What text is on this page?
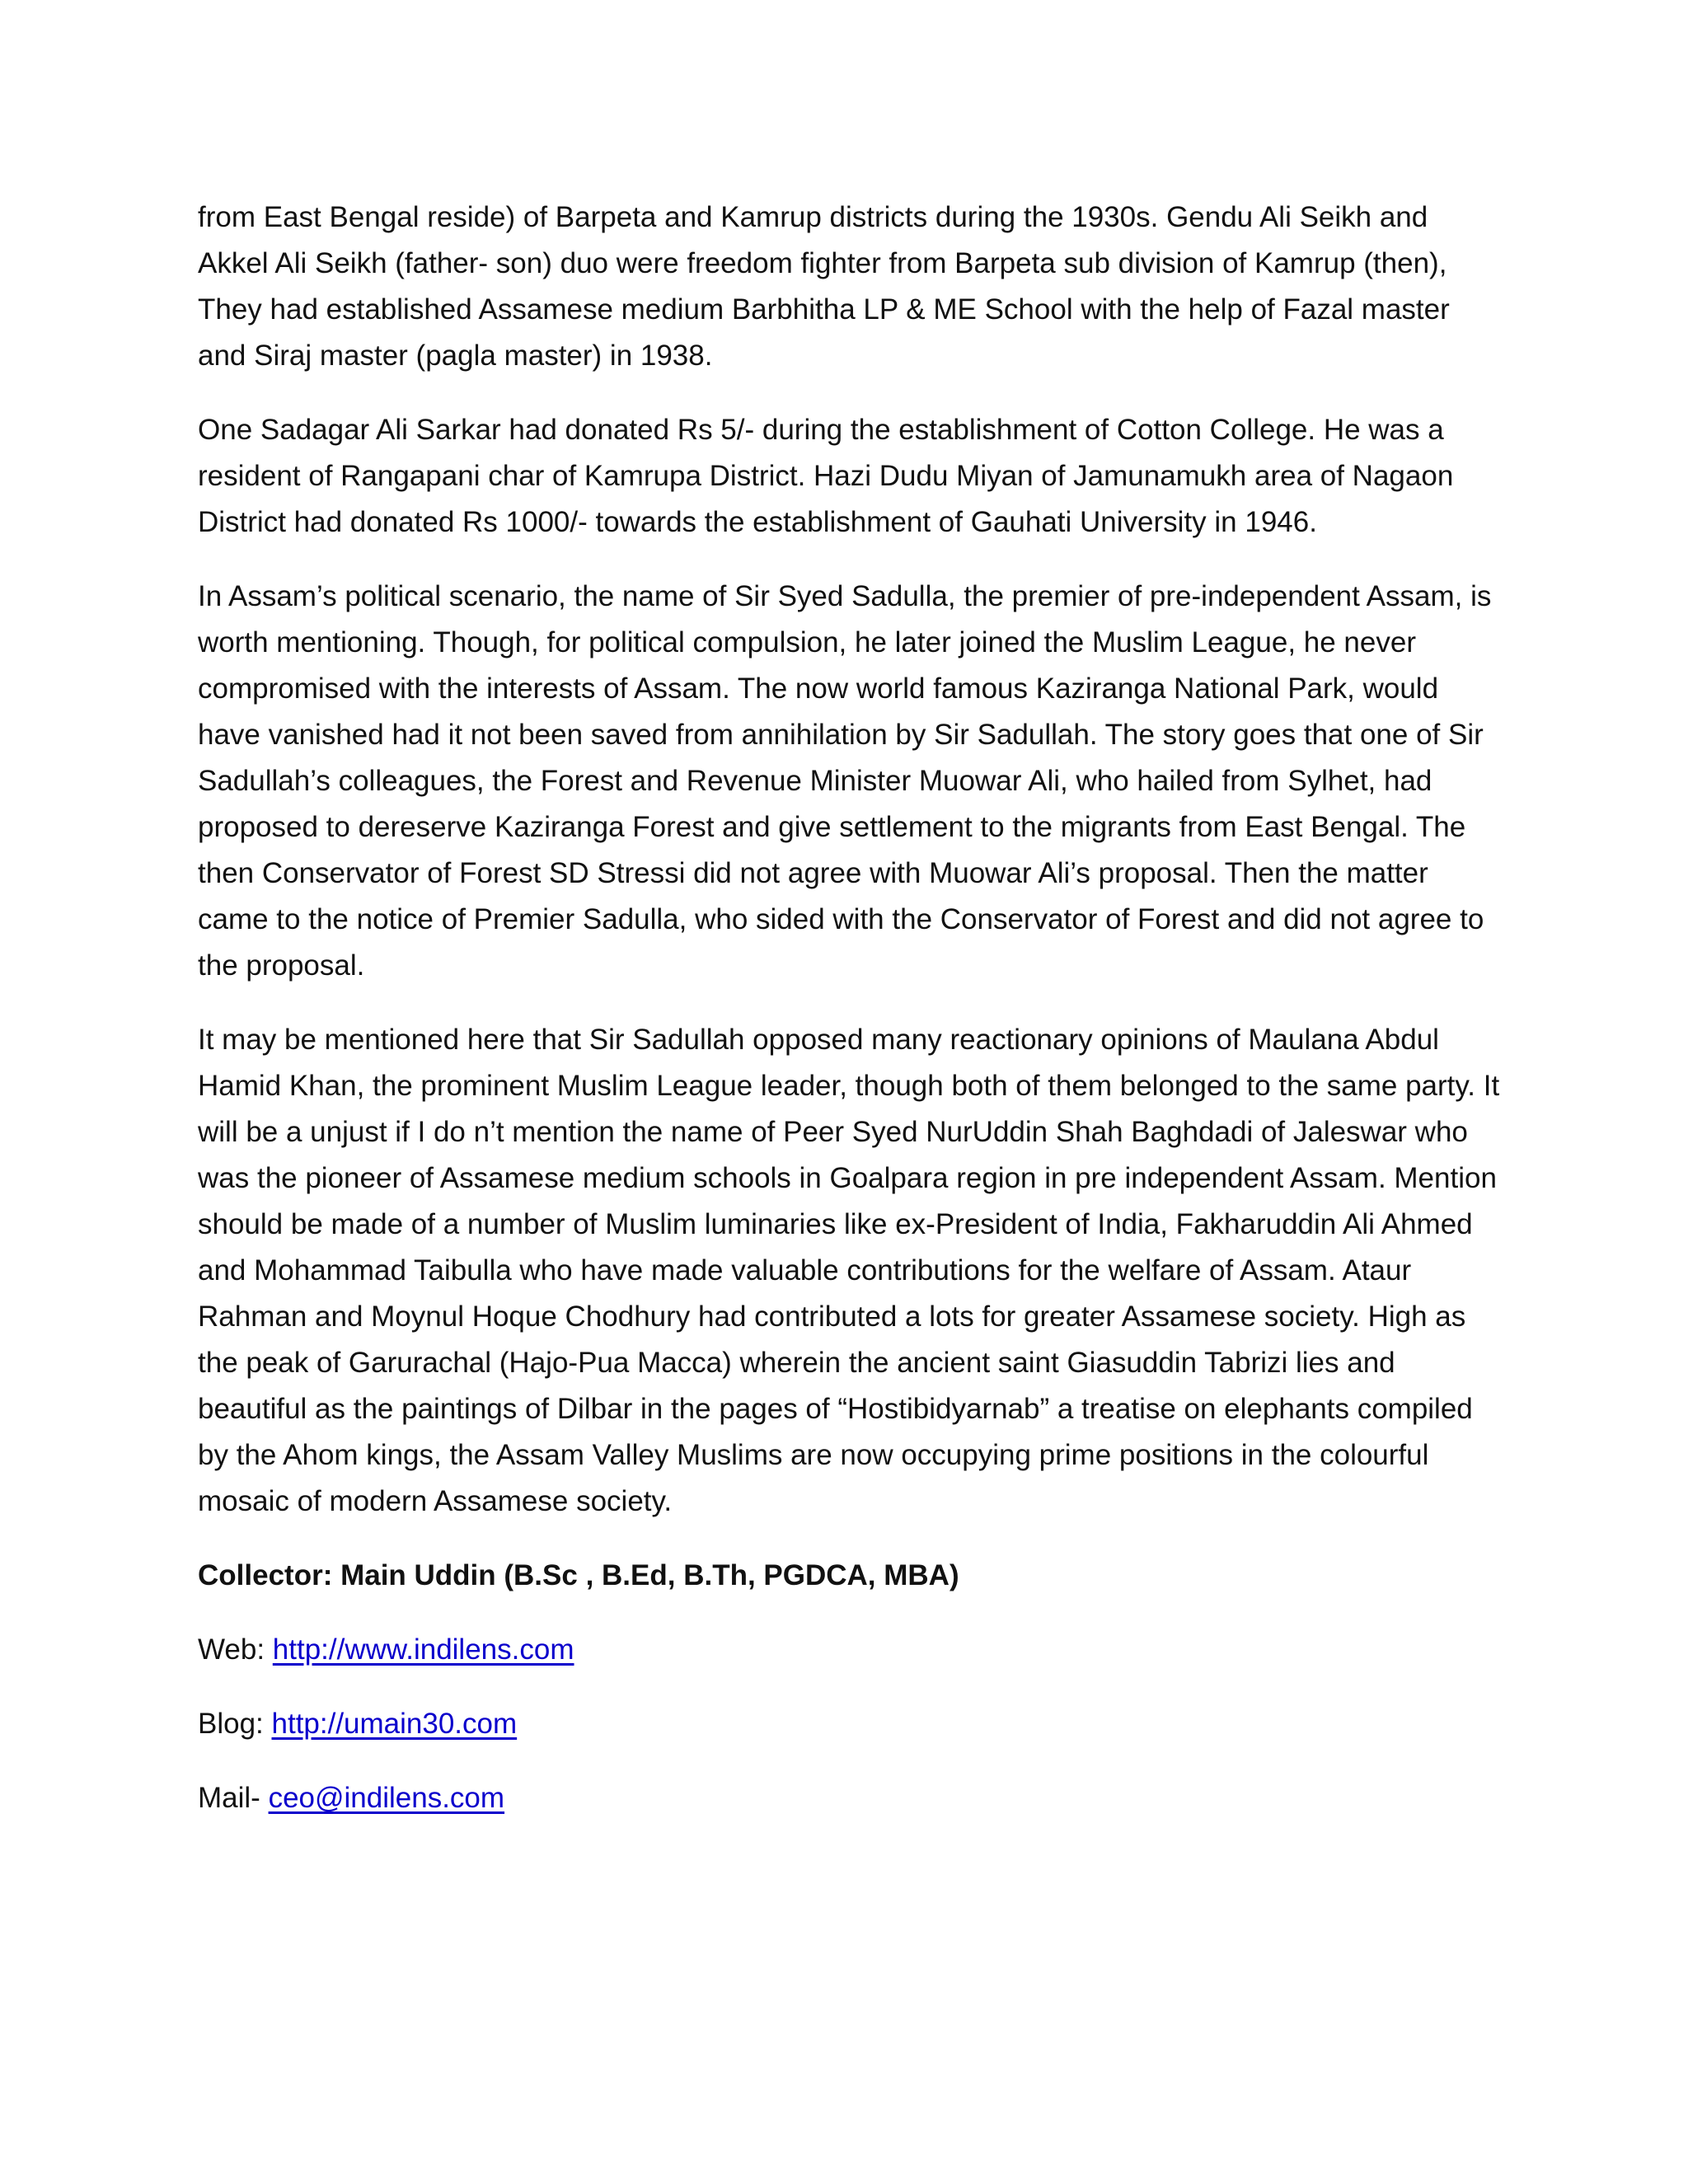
from East Bengal reside) of Barpeta and Kamrup districts during the 1930s. Gendu Ali Seikh and Akkel Ali Seikh (father- son) duo were freedom fighter from Barpeta sub division of Kamrup (then), They had established Assamese medium Barbhitha LP & ME School with the help of Fazal master and Siraj master (pagla master) in 1938.

One Sadagar Ali Sarkar had donated Rs 5/- during the establishment of Cotton College. He was a resident of Rangapani char of Kamrupa District. Hazi Dudu Miyan of Jamunamukh area of Nagaon District had donated Rs 1000/- towards the establishment of Gauhati University in 1946.

In Assam’s political scenario, the name of Sir Syed Sadulla, the premier of pre-independent Assam, is worth mentioning. Though, for political compulsion, he later joined the Muslim League, he never compromised with the interests of Assam. The now world famous Kaziranga National Park, would have vanished had it not been saved from annihilation by Sir Sadullah. The story goes that one of Sir Sadullah’s colleagues, the Forest and Revenue Minister Muowar Ali, who hailed from Sylhet, had proposed to dereserve Kaziranga Forest and give settlement to the migrants from East Bengal. The then Conservator of Forest SD Stressi did not agree with Muowar Ali’s proposal. Then the matter came to the notice of Premier Sadulla, who sided with the Conservator of Forest and did not agree to the proposal.

It may be mentioned here that Sir Sadullah opposed many reactionary opinions of Maulana Abdul Hamid Khan, the prominent Muslim League leader, though both of them belonged to the same party. It will be a unjust if I do n’t mention the name of Peer Syed NurUddin Shah Baghdadi of Jaleswar who was the pioneer of Assamese medium schools in Goalpara region in pre independent Assam. Mention should be made of a number of Muslim luminaries like ex-President of India, Fakharuddin Ali Ahmed and Mohammad Taibulla who have made valuable contributions for the welfare of Assam. Ataur Rahman and Moynul Hoque Chodhury had contributed a lots for greater Assamese society. High as the peak of Garurachal (Hajo-Pua Macca) wherein the ancient saint Giasuddin Tabrizi lies and beautiful as the paintings of Dilbar in the pages of “Hostibidyarnab” a treatise on elephants compiled by the Ahom kings, the Assam Valley Muslims are now occupying prime positions in the colourful mosaic of modern Assamese society.

Collector: Main Uddin (B.Sc , B.Ed, B.Th, PGDCA, MBA)

Web: http://www.indilens.com

Blog: http://umain30.com

Mail- ceo@indilens.com
